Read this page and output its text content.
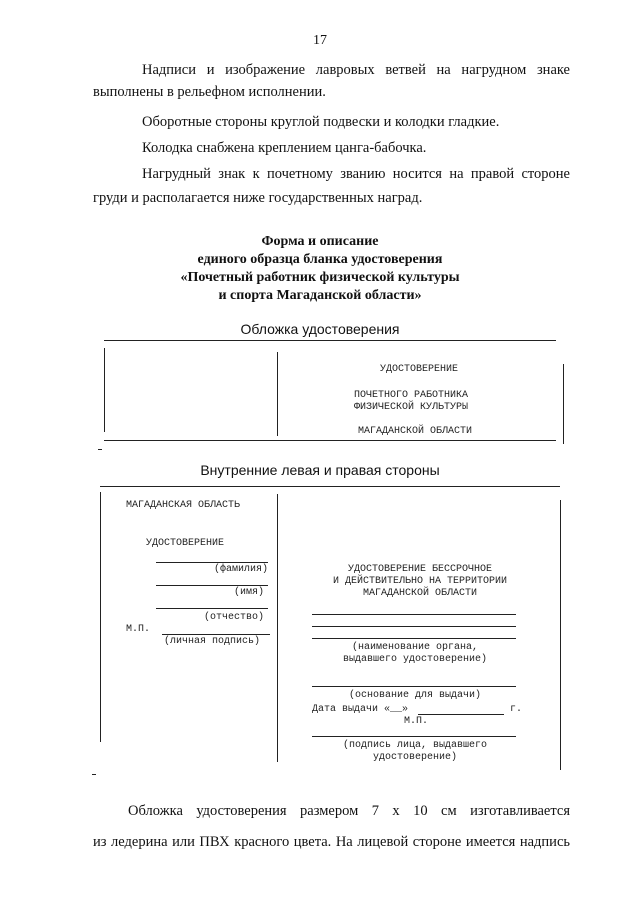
17
Надписи и изображение лавровых ветвей на нагрудном знаке
выполнены в рельефном исполнении.
Оборотные стороны круглой подвески и колодки гладкие.
Колодка снабжена креплением цанга-бабочка.
Нагрудный знак к почетному званию носится на правой стороне
груди и располагается ниже государственных наград.
Форма и описание
единого образца бланка удостоверения
«Почетный работник физической культуры
и спорта Магаданской области»
Обложка удостоверения
УДОСТОВЕРЕНИЕ
ПОЧЕТНОГО РАБОТНИКА
ФИЗИЧЕСКОЙ КУЛЬТУРЫ
МАГАДАНСКОЙ ОБЛАСТИ
Внутренние левая и правая стороны
МАГАДАНСКАЯ ОБЛАСТЬ
УДОСТОВЕРЕНИЕ
(фамилия)
(имя)
(отчество)
М.П.
(личная подпись)
УДОСТОВЕРЕНИЕ БЕССРОЧНОЕ
И ДЕЙСТВИТЕЛЬНО НА ТЕРРИТОРИИ
МАГАДАНСКОЙ ОБЛАСТИ
(наименование органа,
выдавшего удостоверение)
(основание для выдачи)
Дата выдачи «__»	г.
М.П.
(подпись лица, выдавшего
удостоверение)
Обложка удостоверения размером 7 х 10 см изготавливается
из ледерина или ПВХ красного цвета. На лицевой стороне имеется надпись
